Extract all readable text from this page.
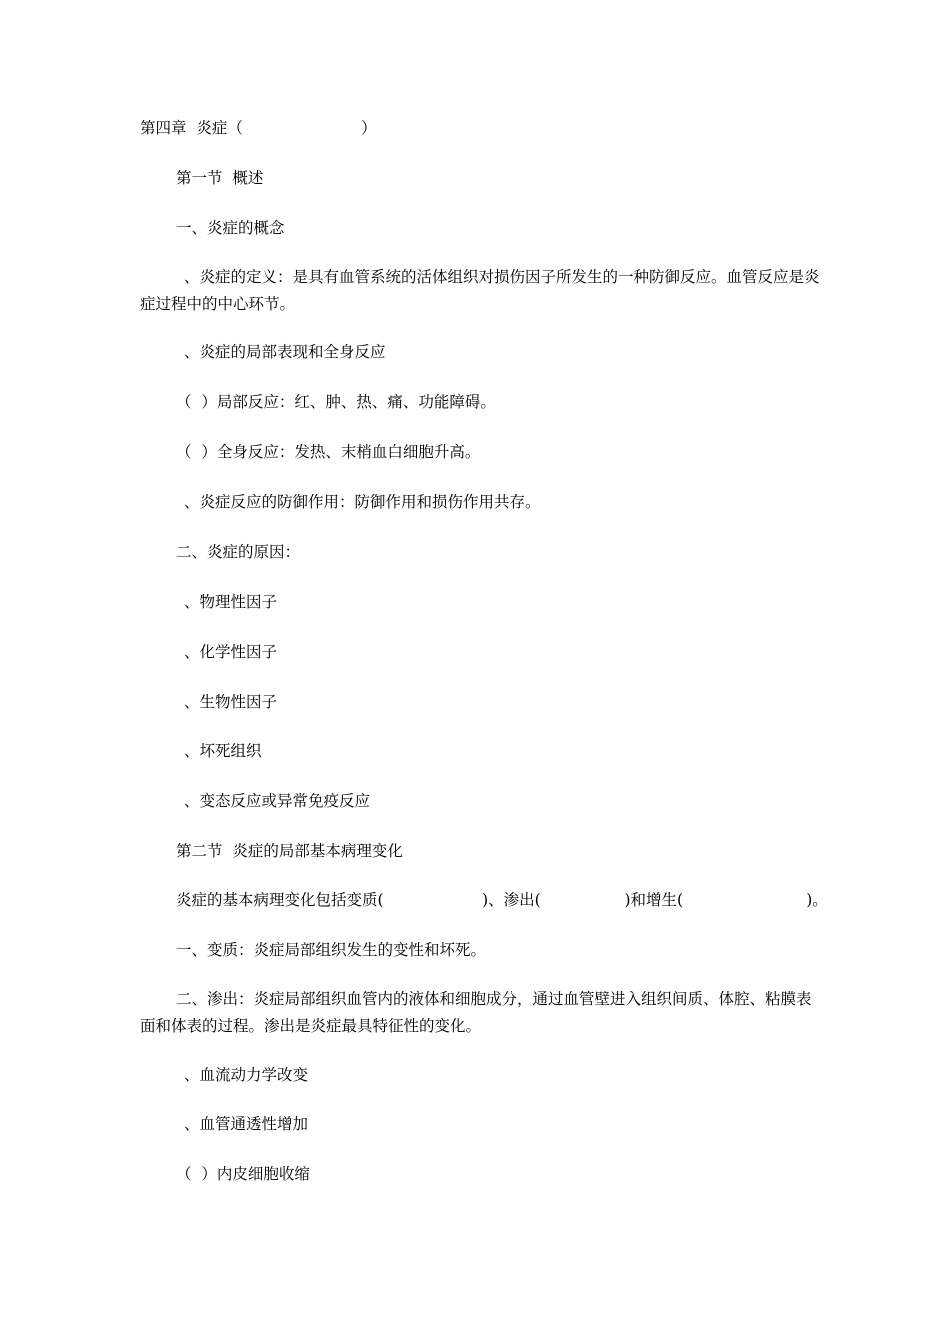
第四章  炎症（                        ）
第一节  概述
一、炎症的概念
、炎症的定义：是具有血管系统的活体组织对损伤因子所发生的一种防御反应。血管反应是炎症过程中的中心环节。
、炎症的局部表现和全身反应
（  ）局部反应：红、肿、热、痛、功能障碍。
（  ）全身反应：发热、末梢血白细胞升高。
、炎症反应的防御作用：防御作用和损伤作用共存。
二、炎症的原因：
、物理性因子
、化学性因子
、生物性因子
、坏死组织
、变态反应或异常免疫反应
第二节  炎症的局部基本病理变化
炎症的基本病理变化包括变质(                    )、渗出(                 )和增生(                         )。
一、变质：炎症局部组织发生的变性和坏死。
二、渗出：炎症局部组织血管内的液体和细胞成分，通过血管壁进入组织间质、体腔、粘膜表面和体表的过程。渗出是炎症最具特征性的变化。
、血流动力学改变
、血管通透性增加
（  ）内皮细胞收缩
